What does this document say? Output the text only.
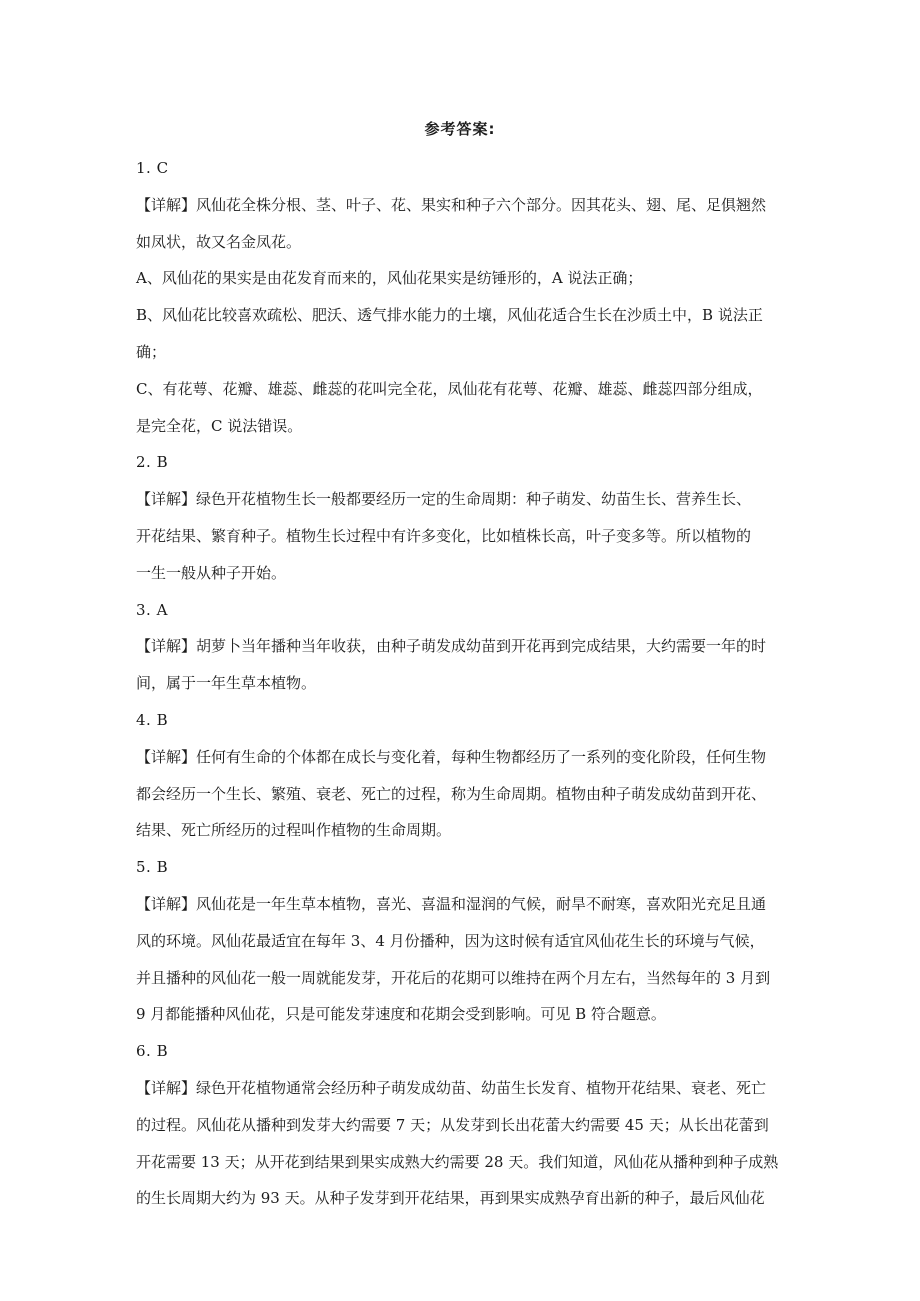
参考答案:
1. C
【详解】风仙花全株分根、茎、叶子、花、果实和种子六个部分。因其花头、翅、尾、足俱翘然
如凤状，故又名金凤花。
A、风仙花的果实是由花发育而来的，风仙花果实是纺锤形的，A 说法正确；
B、风仙花比较喜欢疏松、肥沃、透气排水能力的土壤，风仙花适合生长在沙质土中，B 说法正
确；
C、有花萼、花瓣、雄蕊、雌蕊的花叫完全花，凤仙花有花萼、花瓣、雄蕊、雌蕊四部分组成，
是完全花，C 说法错误。
2. B
【详解】绿色开花植物生长一般都要经历一定的生命周期：种子萌发、幼苗生长、营养生长、
开花结果、繁育种子。植物生长过程中有许多变化，比如植株长高，叶子变多等。所以植物的
一生一般从种子开始。
3. A
【详解】胡萝卜当年播种当年收获，由种子萌发成幼苗到开花再到完成结果，大约需要一年的时
间，属于一年生草本植物。
4. B
【详解】任何有生命的个体都在成长与变化着，每种生物都经历了一系列的变化阶段，任何生物
都会经历一个生长、繁殖、衰老、死亡的过程，称为生命周期。植物由种子萌发成幼苗到开花、
结果、死亡所经历的过程叫作植物的生命周期。
5. B
【详解】风仙花是一年生草本植物，喜光、喜温和湿润的气候，耐旱不耐寒，喜欢阳光充足且通
风的环境。风仙花最适宜在每年 3、4 月份播种，因为这时候有适宜风仙花生长的环境与气候，
并且播种的风仙花一般一周就能发芽，开花后的花期可以维持在两个月左右，当然每年的 3 月到
9 月都能播种风仙花，只是可能发芽速度和花期会受到影响。可见 B 符合题意。
6. B
【详解】绿色开花植物通常会经历种子萌发成幼苗、幼苗生长发育、植物开花结果、衰老、死亡
的过程。风仙花从播种到发芽大约需要 7 天；从发芽到长出花蕾大约需要 45 天；从长出花蕾到
开花需要 13 天；从开花到结果到果实成熟大约需要 28 天。我们知道，风仙花从播种到种子成熟
的生长周期大约为 93 天。从种子发芽到开花结果，再到果实成熟孕育出新的种子，最后风仙花
